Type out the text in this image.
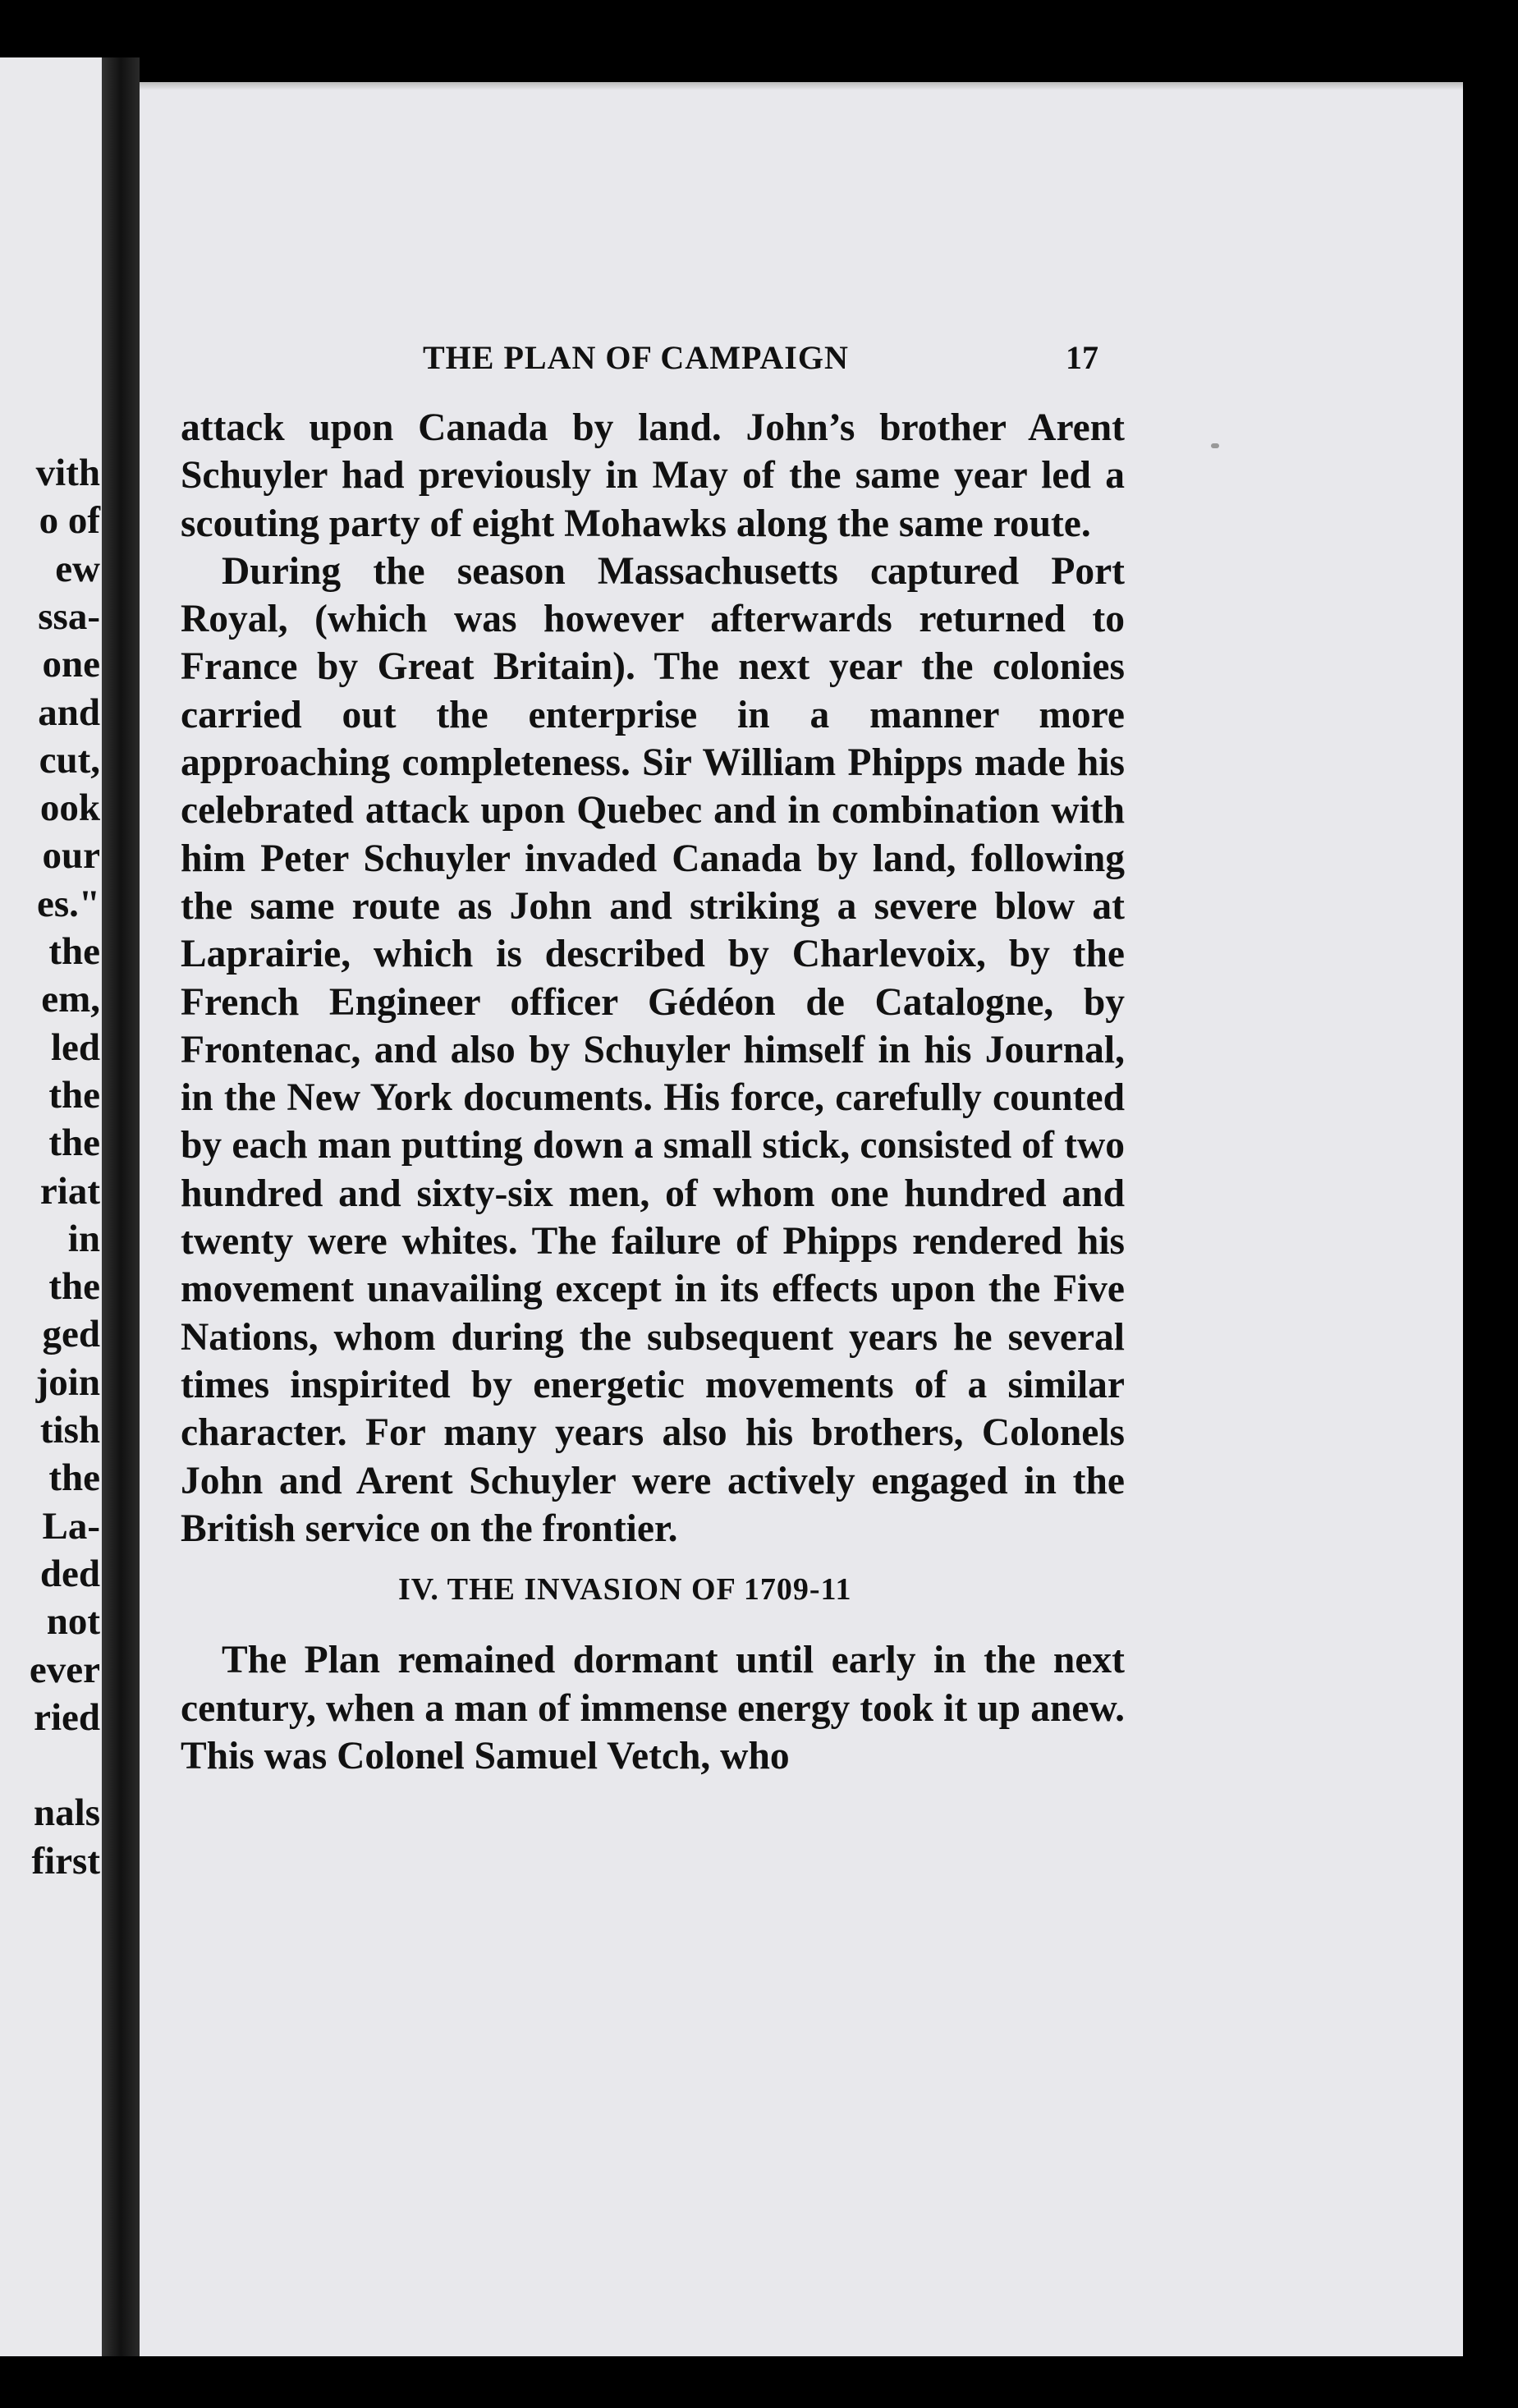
vith
o of
ew
ssa-
one
and
cut,
ook
our
es."
the
em,
led
the
the
riat
in
the
ged
join
tish
the
La-
ded
not
ever
ried
nals
first
THE PLAN OF CAMPAIGN	17

attack upon Canada by land. John’s brother Arent Schuyler had previously in May of the same year led a scouting party of eight Mohawks along the same route.

During the season Massachusetts captured Port Royal, (which was however afterwards returned to France by Great Britain). The next year the colonies carried out the enterprise in a manner more approaching completeness. Sir William Phipps made his celebrated attack upon Quebec and in combination with him Peter Schuyler invaded Canada by land, following the same route as John and striking a severe blow at Laprairie, which is described by Charlevoix, by the French Engineer officer Gédéon de Catalogne, by Frontenac, and also by Schuyler himself in his Journal, in the New York documents. His force, carefully counted by each man putting down a small stick, consisted of two hundred and sixty-six men, of whom one hundred and twenty were whites. The failure of Phipps rendered his movement unavailing except in its effects upon the Five Nations, whom during the subsequent years he several times inspirited by energetic movements of a similar character. For many years also his brothers, Colonels John and Arent Schuyler were actively engaged in the British service on the frontier.

IV. THE INVASION OF 1709-11

The Plan remained dormant until early in the next century, when a man of immense energy took it up anew. This was Colonel Samuel Vetch, who
